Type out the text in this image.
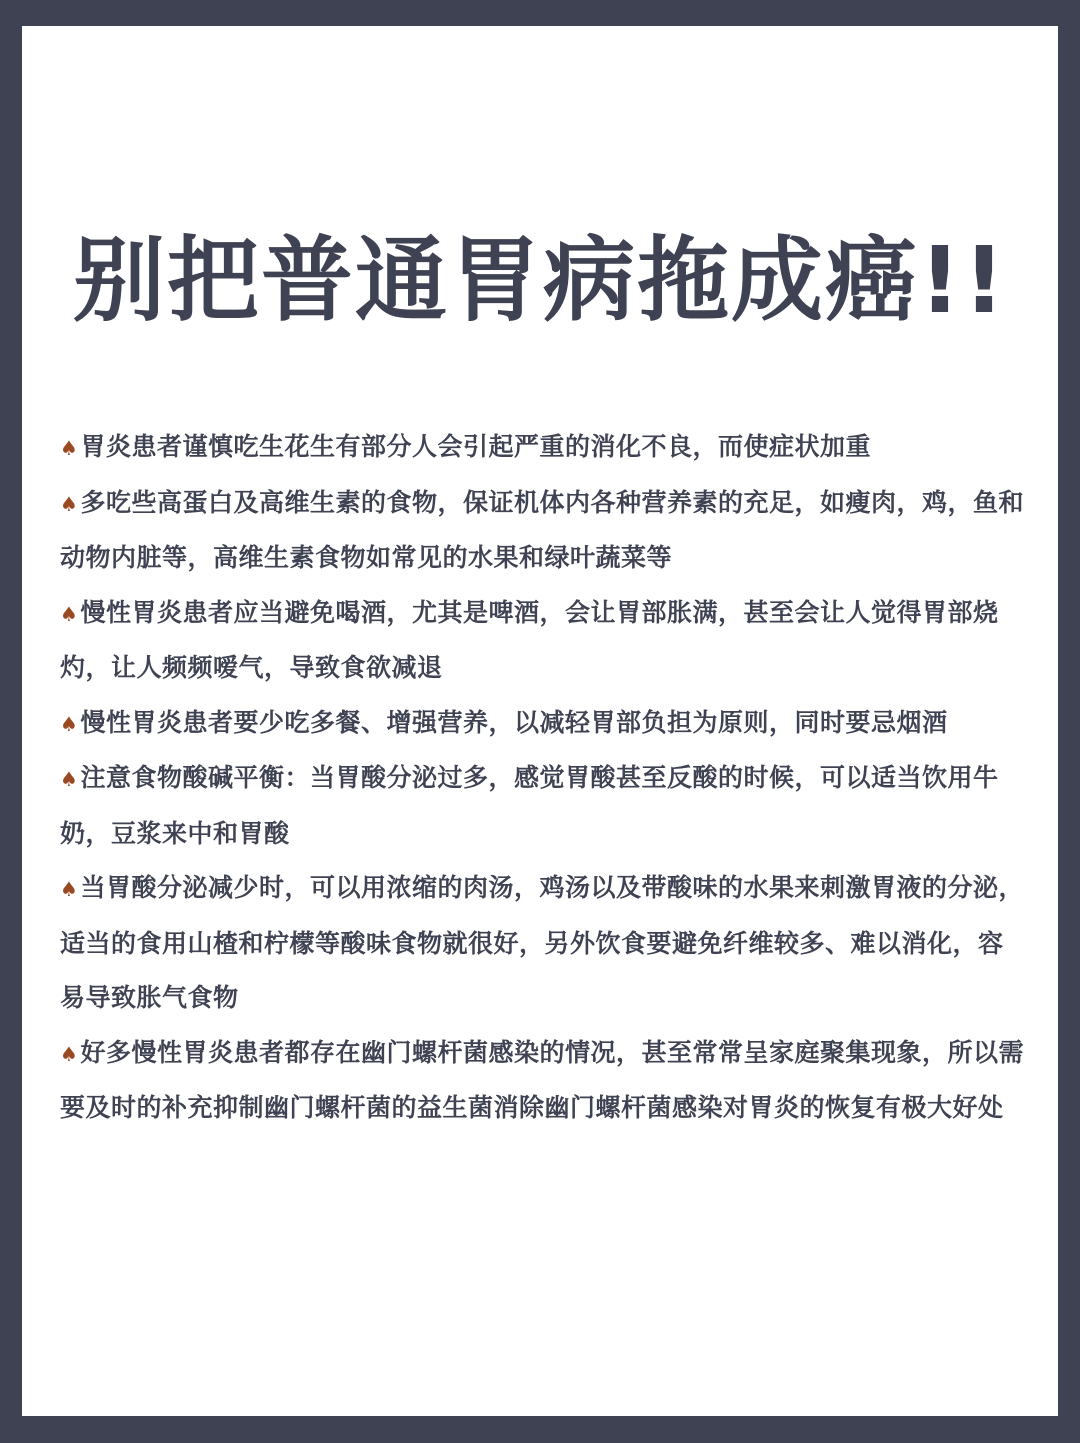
别把普通胃病拖成癌!!

♠胃炎患者谨慎吃生花生有部分人会引起严重的消化不良，而使症状加重

♠多吃些高蛋白及高维生素的食物，保证机体内各种营养素的充足，如瘦肉，鸡，鱼和动物内脏等，高维生素食物如常见的水果和绿叶蔬菜等

♠慢性胃炎患者应当避免喝酒，尤其是啤酒，会让胃部胀满，甚至会让人觉得胃部烧灼，让人频频嗳气，导致食欲减退

♠慢性胃炎患者要少吃多餐、增强营养，以减轻胃部负担为原则，同时要忌烟酒

♠注意食物酸碱平衡：当胃酸分泌过多，感觉胃酸甚至反酸的时候，可以适当饮用牛奶，豆浆来中和胃酸

♠当胃酸分泌减少时，可以用浓缩的肉汤，鸡汤以及带酸味的水果来刺激胃液的分泌，适当的食用山楂和柠檬等酸味食物就很好，另外饮食要避免纤维较多、难以消化，容易导致胀气食物

♠好多慢性胃炎患者都存在幽门螺杆菌感染的情况，甚至常常呈家庭聚集现象，所以需要及时的补充抑制幽门螺杆菌的益生菌消除幽门螺杆菌感染对胃炎的恢复有极大好处
